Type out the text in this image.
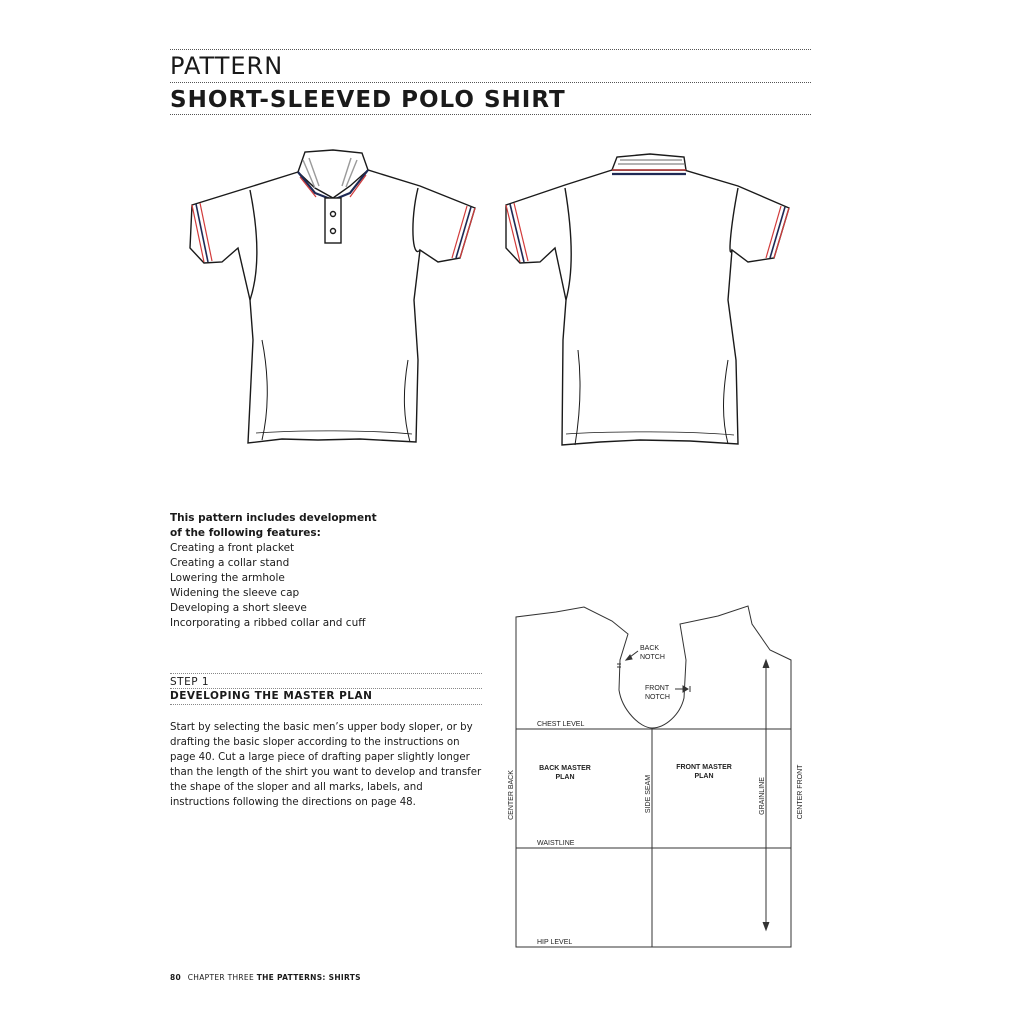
PATTERN
SHORT-SLEEVED POLO SHIRT
BACK
NOTCH
FRONT
NOTCH
CHEST LEVEL
BACK MASTER
PLAN
FRONT MASTER
PLAN
CENTER BACK	SIDE SEAM	GRAINLINE	CENTER FRONT
WAISTLINE
HIP LEVEL
This pattern includes development
of the following features:
Creating a front placket
Creating a collar stand
Lowering the armhole
Widening the sleeve cap
Developing a short sleeve
Incorporating a ribbed collar and cuff
STEP 1
DEVELOPING THE MASTER PLAN
Start by selecting the basic men’s upper body sloper, or by drafting the basic sloper according to the instructions on page 40. Cut a large piece of drafting paper slightly longer than the length of the shirt you want to develop and transfer the shape of the sloper and all marks, labels, and instructions following the directions on page 48.
80 CHAPTER THREE THE PATTERNS: SHIRTS
